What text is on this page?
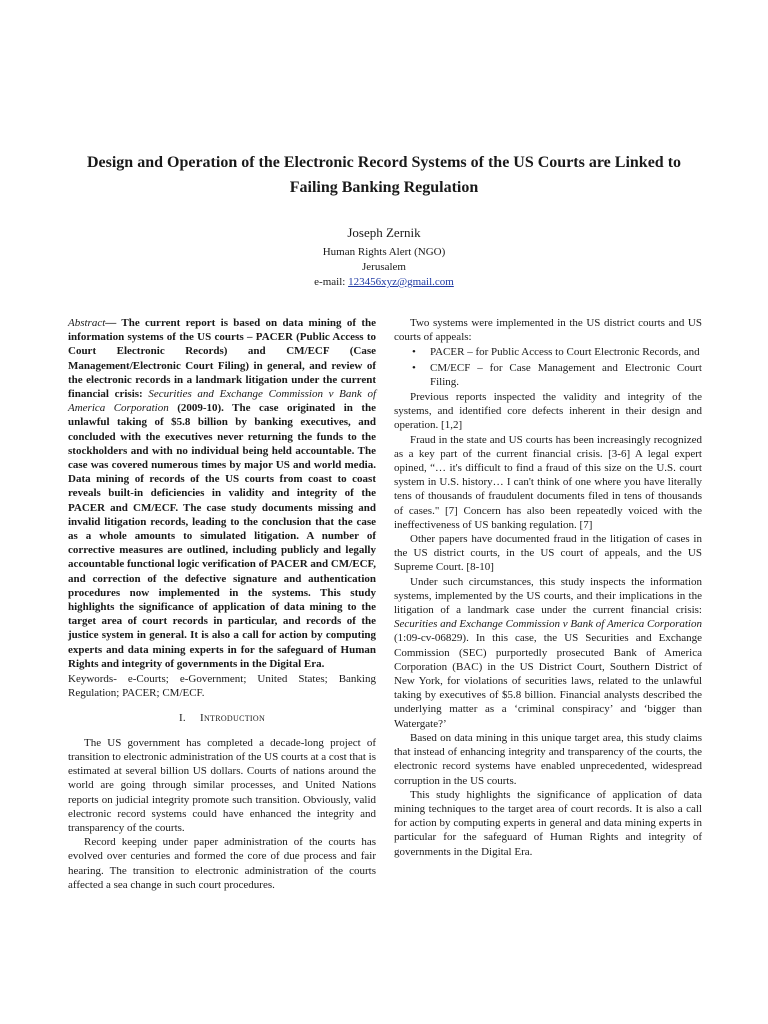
Design and Operation of the Electronic Record Systems of the US Courts are Linked to Failing Banking Regulation

Joseph Zernik

Human Rights Alert (NGO)

Jerusalem

e-mail: 123456xyz@gmail.com

Abstract— The current report is based on data mining of the information systems of the US courts – PACER (Public Access to Court Electronic Records) and CM/ECF (Case Management/Electronic Court Filing) in general, and review of the electronic records in a landmark litigation under the current financial crisis: Securities and Exchange Commission v Bank of America Corporation (2009-10). The case originated in the unlawful taking of $5.8 billion by banking executives, and concluded with the executives never returning the funds to the stockholders and with no individual being held accountable. The case was covered numerous times by major US and world media. Data mining of records of the US courts from coast to coast reveals built-in deficiencies in validity and integrity of the PACER and CM/ECF. The case study documents missing and invalid litigation records, leading to the conclusion that the case as a whole amounts to simulated litigation. A number of corrective measures are outlined, including publicly and legally accountable functional logic verification of PACER and CM/ECF, and correction of the defective signature and authentication procedures now implemented in the systems. This study highlights the significance of application of data mining to the target area of court records in particular, and records of the justice system in general. It is also a call for action by computing experts and data mining experts in for the safeguard of Human Rights and integrity of governments in the Digital Era.

Keywords- e-Courts; e-Government; United States; Banking Regulation; PACER; CM/ECF.

I. Introduction

The US government has completed a decade-long project of transition to electronic administration of the US courts at a cost that is estimated at several billion US dollars. Courts of nations around the world are going through similar processes, and United Nations reports on judicial integrity promote such transition. Obviously, valid electronic record systems could have enhanced the integrity and transparency of the courts.

Record keeping under paper administration of the courts has evolved over centuries and formed the core of due process and fair hearing. The transition to electronic administration of the courts affected a sea change in such court procedures.

Two systems were implemented in the US district courts and US courts of appeals:

• PACER – for Public Access to Court Electronic Records, and
• CM/ECF – for Case Management and Electronic Court Filing.

Previous reports inspected the validity and integrity of the systems, and identified core defects inherent in their design and operation. [1,2]

Fraud in the state and US courts has been increasingly recognized as a key part of the current financial crisis. [3-6] A legal expert opined, “… it's difficult to find a fraud of this size on the U.S. court system in U.S. history… I can't think of one where you have literally tens of thousands of fraudulent documents filed in tens of thousands of cases." [7] Concern has also been repeatedly voiced with the ineffectiveness of US banking regulation. [7]

Other papers have documented fraud in the litigation of cases in the US district courts, in the US court of appeals, and the US Supreme Court. [8-10]

Under such circumstances, this study inspects the information systems, implemented by the US courts, and their implications in the litigation of a landmark case under the current financial crisis: Securities and Exchange Commission v Bank of America Corporation (1:09-cv-06829). In this case, the US Securities and Exchange Commission (SEC) purportedly prosecuted Bank of America Corporation (BAC) in the US District Court, Southern District of New York, for violations of securities laws, related to the unlawful taking by executives of $5.8 billion. Financial analysts described the underlying matter as a ‘criminal conspiracy’ and ‘bigger than Watergate?’

Based on data mining in this unique target area, this study claims that instead of enhancing integrity and transparency of the courts, the electronic record systems have enabled unprecedented, widespread corruption in the US courts.

This study highlights the significance of application of data mining techniques to the target area of court records. It is also a call for action by computing experts in general and data mining experts in particular for the safeguard of Human Rights and integrity of governments in the Digital Era.
